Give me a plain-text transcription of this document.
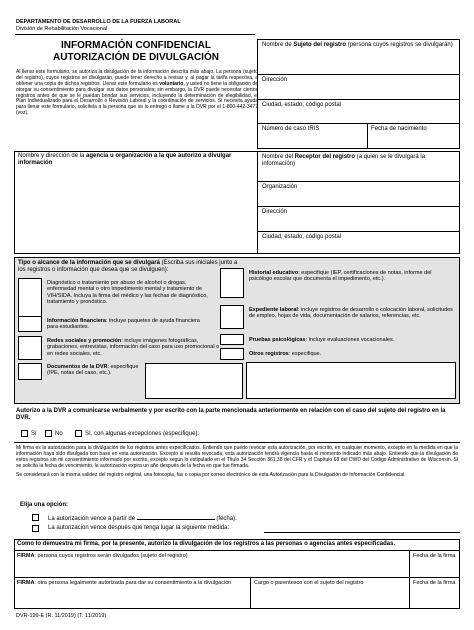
DEPARTAMENTO DE DESARROLLO DE LA FUERZA LABORAL
División de Rehabilitación Vocacional
INFORMACIÓN CONFIDENCIAL
AUTORIZACIÓN DE DIVULGACIÓN
Al llenar este formulario, se autoriza la divulgación de la información descrita más abajo. La persona (sujeto del registro), cuyos registros se divulgarán, puede tener derecho a revisar y, al pagar la tarifa respectiva, a obtener una copia de dichos registros. Llenar este formulario es voluntario, y usted no tiene la obligación de otorgar su consentimiento para divulgar sus datos personales; sin embargo, la DVR puede necesitar ciertos registros antes de que se le puedan brindar sus servicios, incluyendo la determinación de elegibilidad, el Plan Individualizado para el Desarrollo o Revisión Laboral y la coordinación de servicios. Si necesita ayuda para llenar este formulario, solicítela a la persona que se lo entregó o llame a la DVR por el 1-800-442-3477 (voz).
Nombre de Sujeto del registro (persona cuyos registros se divulgarán)
Dirección
Ciudad, estado, código postal
Número de caso IRIS	Fecha de nacimiento
Nombre y dirección de la agencia u organización a la que autorizo a divulgar información
Nombre del Receptor del registro (a quien se le divulgará la información)
Organización
Dirección
Ciudad, estado, código postal
Tipo o alcance de la información que se divulgará (Escriba sus iniciales junto a los registros o información que desea que se divulguen):
Diagnóstico o tratamiento por abuso de alcohol o drogas, enfermedad mental o otro impedimento mental y tratamiento de VIH/SIDA. Incluya la firma del médico y las fechas de diagnóstico, tratamiento y pronóstico.
Información financiera: incluye paquetes de ayuda financiera para estudiantes.
Redes sociales y promoción: incluye imágenes fotográficas, grabaciones, entrevistas, información del caso para uso promocional o en redes sociales, etc.
Documentos de la DVR: especifique (IPE, notas del caso, etc.).
Historial educativo: especifique (IEP, certificaciones de notas, informe del psicólogo escolar que documenta el impedimento, etc.).
Expediente laboral: incluye registros de desarrollo o colocación laboral, solicitudes de empleo, hojas de vida, documentación de salarios, referencias, etc.
Pruebas psicológicas: incluye evaluaciones vocacionales.
Otros registros: especifique.
Autorizo a la DVR a comunicarse verbalmente y por escrito con la parte mencionada anteriormente en relación con el caso del sujeto del registro en la DVR.
Sí	No	Sí, con algunas excepciones (especifique):

Mi firma es la autorización para la divulgación de los registros antes especificados. Entiendo que puedo revocar esta autorización, por escrito, en cualquier momento, excepto en la medida en que la información haya sido divulgada con base en esta autorización. Excepto si resulta revocada, esta autorización tendrá vigencia hasta el momento indicado más abajo. Entiendo que la divulgación de estos registros sin mi consentimiento informado por escrito, excepto según lo estipulado en el Título 34 Sección 361.38 del CFR y el Capítulo 68 del DWD del Código Administrativo de Wisconsin. Si se solicita la fecha de vencimiento, la autorización expira un año después de la fecha en que fue firmada.

Se considerará con la misma validez del registro original, una fotocopia, fax o copia por correo electrónico de esta Autorización para la Divulgación de Información Confidencial.

Elija una opción:
La autorización vence a partir de	(fecha).
La autorización vence después que tenga lugar la siguiente medida:
Como lo demuestra mi firma, por la presente, autorizo la divulgación de los registros a las personas o agencias antes especificadas.
FIRMA: persona cuyos registros serán divulgados (sujeto del registro)	Fecha de la firma
FIRMA: otra persona legalmente autorizada para dar su consentimiento a la divulgación	Cargo o parentesco con el sujeto del registro	Fecha de la firma
DVR-199-E (R. 11/2019) (T. 11/2019)
